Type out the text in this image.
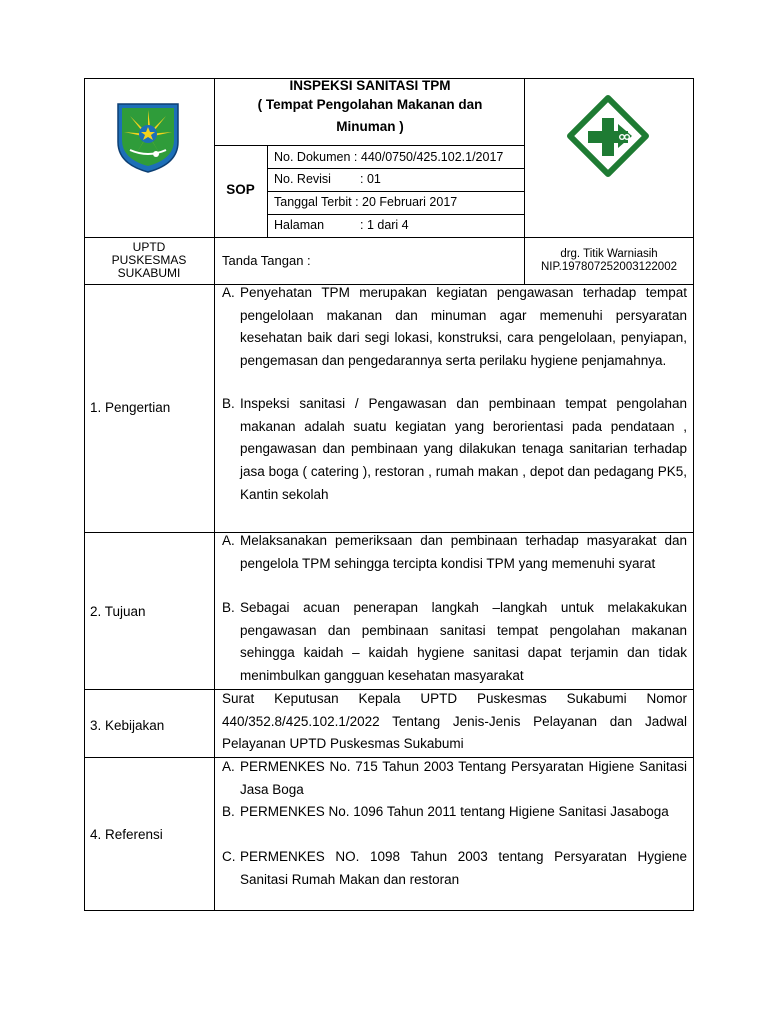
INSPEKSI SANITASI TPM
( Tempat Pengolahan Makanan dan
Minuman )
SOP
No. Dokumen : 440/0750/425.102.1/2017
No. Revisi : 01
Tanggal Terbit : 20 Februari 2017
Halaman	: 1 dari 4
UPTD
PUSKESMAS
SUKABUMI
Tanda Tangan :	drg. Titik Warniasih
NIP.197807252003122002
1. Pengertian
A. Penyehatan TPM merupakan kegiatan pengawasan terhadap tempat pengelolaan makanan dan minuman agar memenuhi persyaratan kesehatan baik dari segi lokasi, konstruksi, cara pengelolaan, penyiapan, pengemasan dan pengedarannya serta perilaku hygiene penjamahnya.
B. Inspeksi sanitasi / Pengawasan dan pembinaan tempat pengolahan makanan adalah suatu kegiatan yang berorientasi pada pendataan , pengawasan dan pembinaan yang dilakukan tenaga sanitarian terhadap jasa boga ( catering ), restoran , rumah makan , depot dan pedagang PK5, Kantin sekolah
2. Tujuan
A. Melaksanakan pemeriksaan dan pembinaan terhadap masyarakat dan pengelola TPM sehingga tercipta kondisi TPM yang memenuhi syarat
B. Sebagai acuan penerapan langkah –langkah untuk melakakukan pengawasan dan pembinaan sanitasi tempat pengolahan makanan sehingga kaidah – kaidah hygiene sanitasi dapat terjamin dan tidak menimbulkan gangguan kesehatan masyarakat
3. Kebijakan
Surat Keputusan Kepala UPTD Puskesmas Sukabumi Nomor 440/352.8/425.102.1/2022 Tentang Jenis-Jenis Pelayanan dan Jadwal Pelayanan UPTD Puskesmas Sukabumi
4. Referensi
A. PERMENKES No. 715 Tahun 2003 Tentang Persyaratan Higiene Sanitasi Jasa Boga
B. PERMENKES No. 1096 Tahun 2011 tentang Higiene Sanitasi Jasaboga
C. PERMENKES NO. 1098 Tahun 2003 tentang Persyaratan Hygiene Sanitasi Rumah Makan dan restoran
